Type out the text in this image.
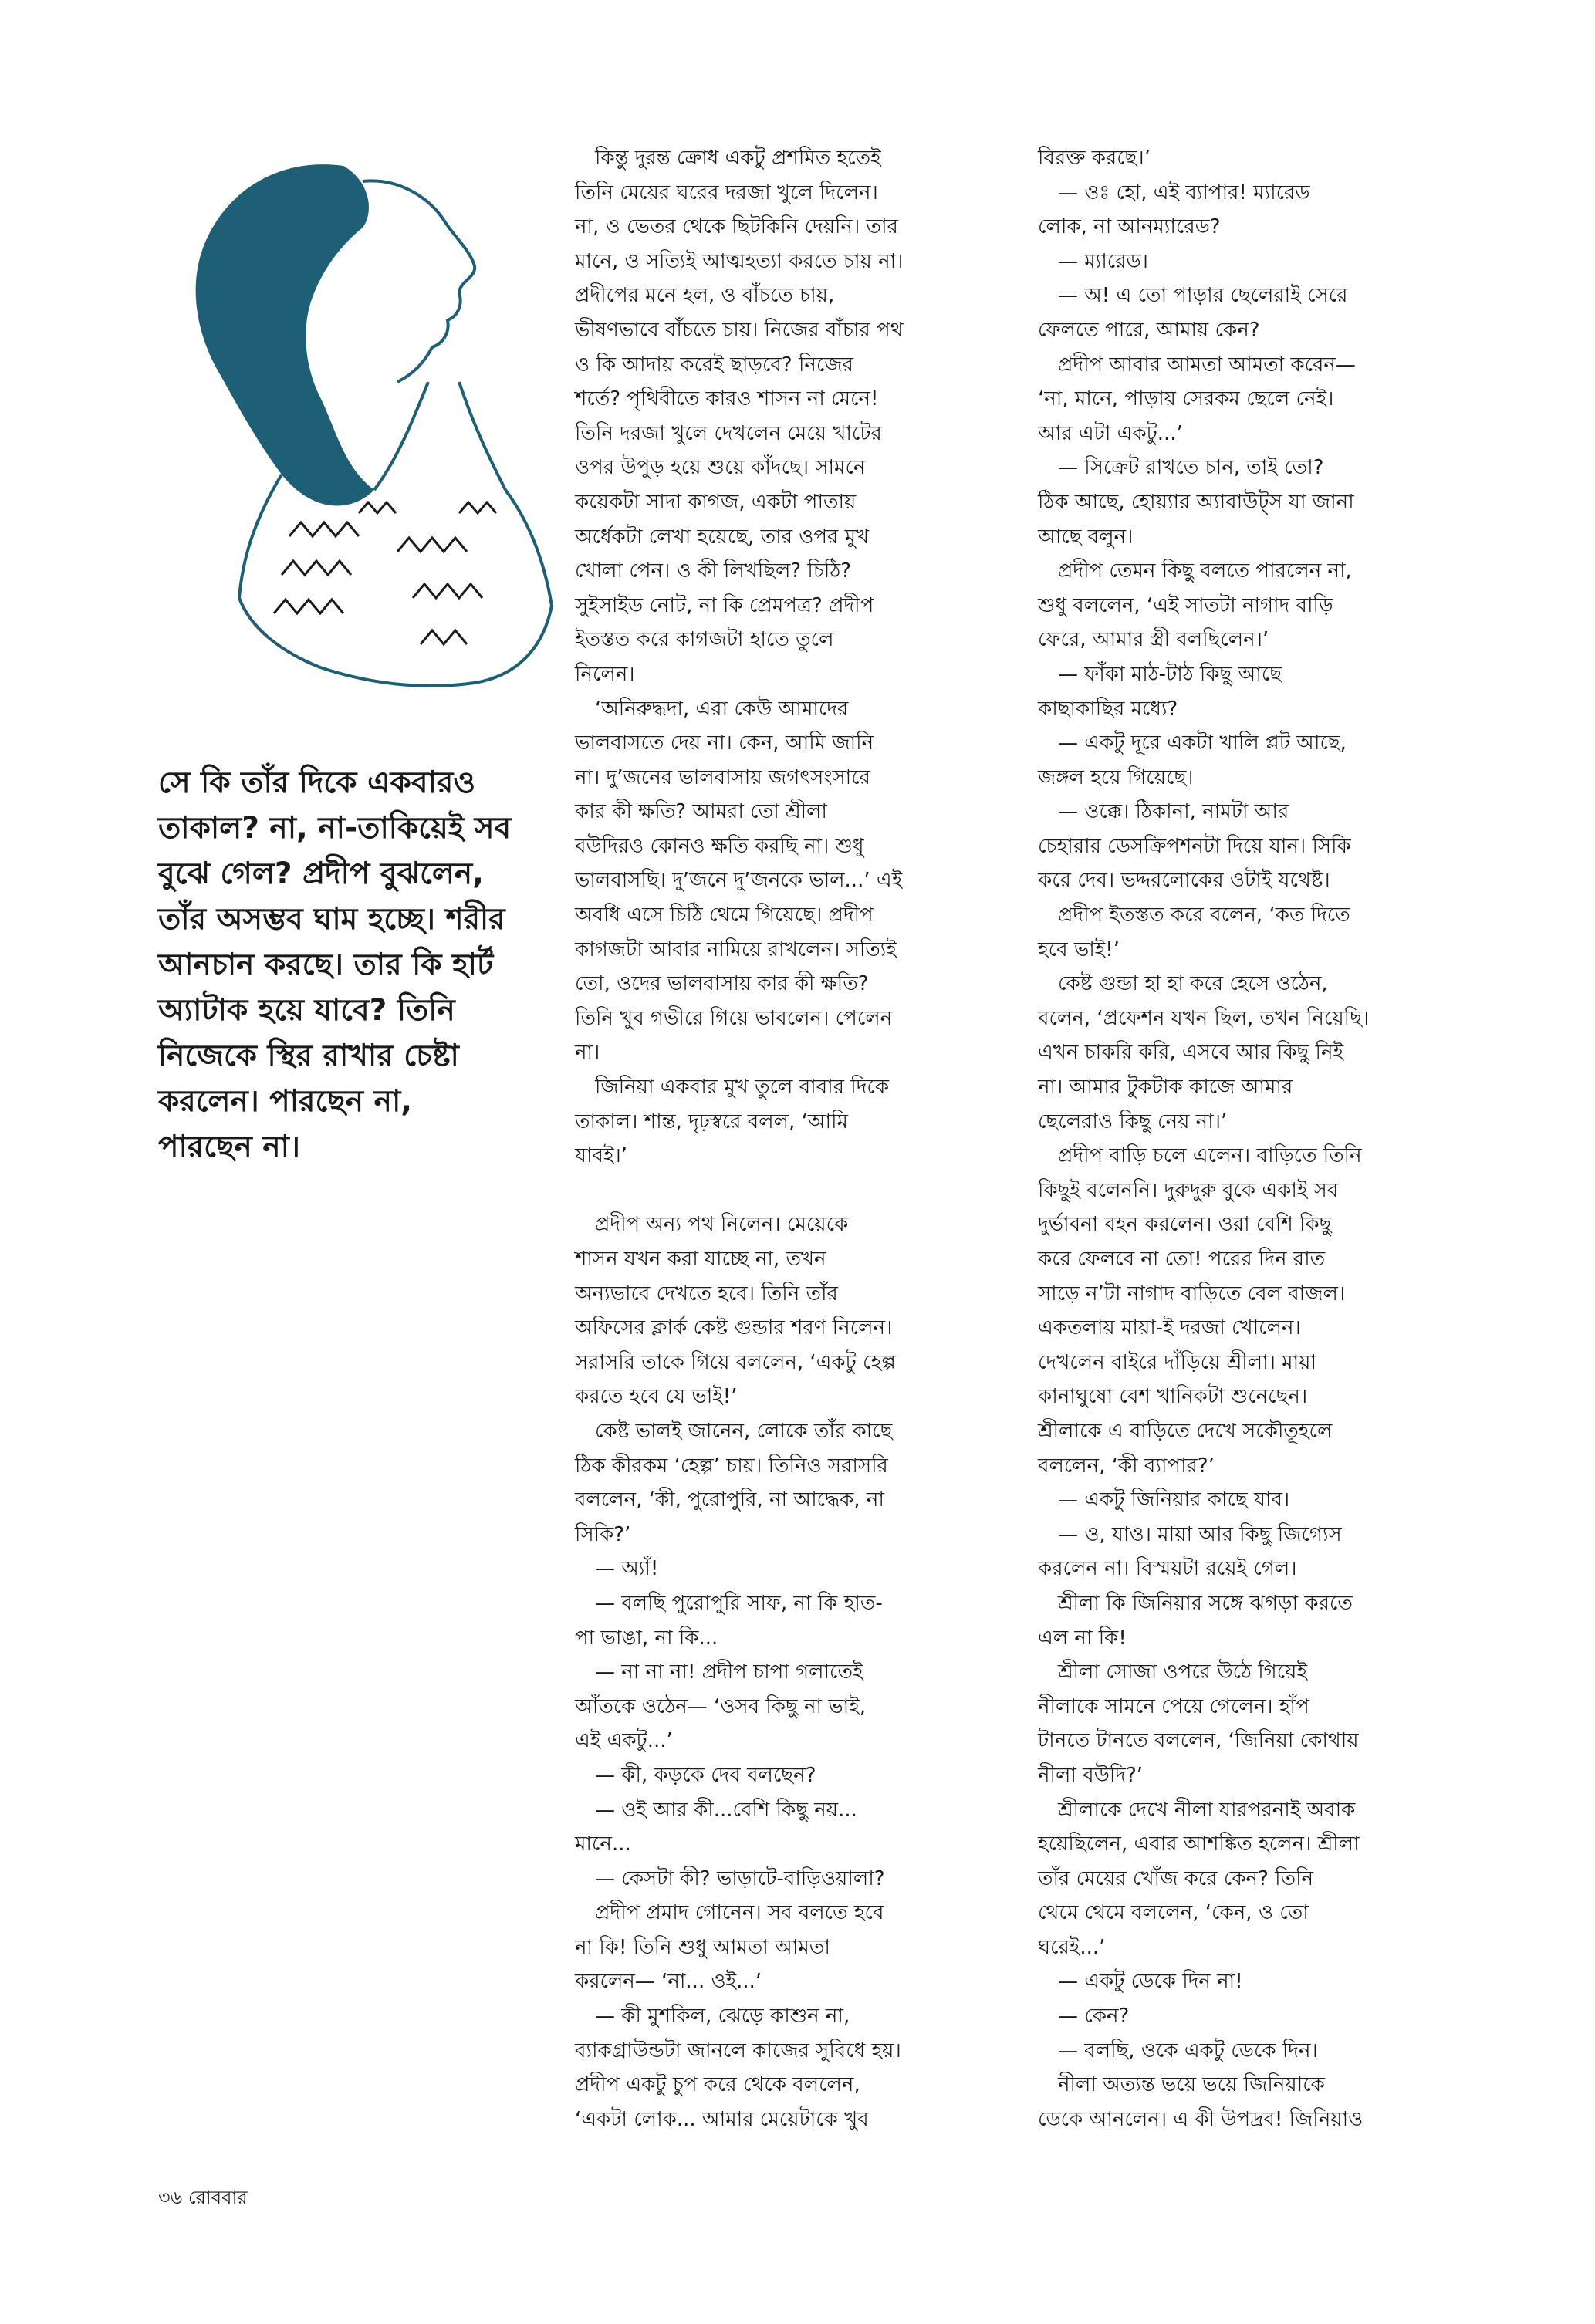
সে কি তাঁর দিকে একবারও
তাকাল? না, না-তাকিয়েই সব
বুঝে গেল? প্রদীপ বুঝলেন,
তাঁর অসম্ভব ঘাম হচ্ছে। শরীর
আনচান করছে। তার কি হার্ট
অ্যাটাক হয়ে যাবে? তিনি
নিজেকে স্থির রাখার চেষ্টা
করলেন। পারছেন না,
পারছেন না।
 কিন্তু দুরন্ত ক্রোধ একটু প্রশমিত হতেই
তিনি মেয়ের ঘরের দরজা খুলে দিলেন।
না, ও ভেতর থেকে ছিটকিনি দেয়নি। তার
মানে, ও সত্যিই আত্মহত্যা করতে চায় না।
প্রদীপের মনে হল, ও বাঁচতে চায়,
ভীষণভাবে বাঁচতে চায়। নিজের বাঁচার পথ
ও কি আদায় করেই ছাড়বে? নিজের
শর্তে? পৃথিবীতে কারও শাসন না মেনে!
তিনি দরজা খুলে দেখলেন মেয়ে খাটের
ওপর উপুড় হয়ে শুয়ে কাঁদছে। সামনে
কয়েকটা সাদা কাগজ, একটা পাতায়
অর্ধেকটা লেখা হয়েছে, তার ওপর মুখ
খোলা পেন। ও কী লিখছিল? চিঠি?
সুইসাইড নোট, না কি প্রেমপত্র? প্রদীপ
ইতস্তত করে কাগজটা হাতে তুলে
নিলেন।
 ‘অনিরুদ্ধদা, এরা কেউ আমাদের
ভালবাসতে দেয় না। কেন, আমি জানি
না। দু’জনের ভালবাসায় জগৎসংসারে
কার কী ক্ষতি? আমরা তো শ্রীলা
বউদিরও কোনও ক্ষতি করছি না। শুধু
ভালবাসছি। দু’জনে দু’জনকে ভাল...’ এই
অবধি এসে চিঠি থেমে গিয়েছে। প্রদীপ
কাগজটা আবার নামিয়ে রাখলেন। সত্যিই
তো, ওদের ভালবাসায় কার কী ক্ষতি?
তিনি খুব গভীরে গিয়ে ভাবলেন। পেলেন
না।
 জিনিয়া একবার মুখ তুলে বাবার দিকে
তাকাল। শান্ত, দৃঢ়স্বরে বলল, ‘আমি
যাবই।’
 প্রদীপ অন্য পথ নিলেন। মেয়েকে
শাসন যখন করা যাচ্ছে না, তখন
অন্যভাবে দেখতে হবে। তিনি তাঁর
অফিসের ক্লার্ক কেষ্ট গুন্ডার শরণ নিলেন।
সরাসরি তাকে গিয়ে বললেন, ‘একটু হেল্প
করতে হবে যে ভাই!’
 কেষ্ট ভালই জানেন, লোকে তাঁর কাছে
ঠিক কীরকম ‘হেল্প’ চায়। তিনিও সরাসরি
বললেন, ‘কী, পুরোপুরি, না আদ্ধেক, না
সিকি?’
 — অ্যাঁ!
 — বলছি পুরোপুরি সাফ, না কি হাত-
পা ভাঙা, না কি...
 — না না না! প্রদীপ চাপা গলাতেই
আঁতকে ওঠেন— ‘ওসব কিছু না ভাই,
এই একটু...’
 — কী, কড়কে দেব বলছেন?
 — ওই আর কী...বেশি কিছু নয়...
মানে...
 — কেসটা কী? ভাড়াটে-বাড়িওয়ালা?
 প্রদীপ প্রমাদ গোনেন। সব বলতে হবে
না কি! তিনি শুধু আমতা আমতা
করলেন— ‘না... ওই...’
 — কী মুশকিল, ঝেড়ে কাশুন না,
ব্যাকগ্রাউন্ডটা জানলে কাজের সুবিধে হয়।
প্রদীপ একটু চুপ করে থেকে বললেন,
‘একটা লোক... আমার মেয়েটাকে খুব
বিরক্ত করছে।’
 — ওঃ হো, এই ব্যাপার! ম্যারেড
লোক, না আনম্যারেড?
 — ম্যারেড।
 — অ! এ তো পাড়ার ছেলেরাই সেরে
ফেলতে পারে, আমায় কেন?
 প্রদীপ আবার আমতা আমতা করেন—
‘না, মানে, পাড়ায় সেরকম ছেলে নেই।
আর এটা একটু...’
 — সিক্রেট রাখতে চান, তাই তো?
ঠিক আছে, হোয়্যার অ্যাবাউট্স যা জানা
আছে বলুন।
 প্রদীপ তেমন কিছু বলতে পারলেন না,
শুধু বললেন, ‘এই সাতটা নাগাদ বাড়ি
ফেরে, আমার স্ত্রী বলছিলেন।’
 — ফাঁকা মাঠ-টাঠ কিছু আছে
কাছাকাছির মধ্যে?
 — একটু দূরে একটা খালি প্লট আছে,
জঙ্গল হয়ে গিয়েছে।
 — ওক্কে। ঠিকানা, নামটা আর
চেহারার ডেসক্রিপশনটা দিয়ে যান। সিকি
করে দেব। ভদ্দরলোকের ওটাই যথেষ্ট।
 প্রদীপ ইতস্তত করে বলেন, ‘কত দিতে
হবে ভাই!’
 কেষ্ট গুন্ডা হা হা করে হেসে ওঠেন,
বলেন, ‘প্রফেশন যখন ছিল, তখন নিয়েছি।
এখন চাকরি করি, এসবে আর কিছু নিই
না। আমার টুকটাক কাজে আমার
ছেলেরাও কিছু নেয় না।’
 প্রদীপ বাড়ি চলে এলেন। বাড়িতে তিনি
কিছুই বলেননি। দুরুদুরু বুকে একাই সব
দুর্ভাবনা বহন করলেন। ওরা বেশি কিছু
করে ফেলবে না তো! পরের দিন রাত
সাড়ে ন’টা নাগাদ বাড়িতে বেল বাজল।
একতলায় মায়া-ই দরজা খোলেন।
দেখলেন বাইরে দাঁড়িয়ে শ্রীলা। মায়া
কানাঘুষো বেশ খানিকটা শুনেছেন।
শ্রীলাকে এ বাড়িতে দেখে সকৌতূহলে
বললেন, ‘কী ব্যাপার?’
 — একটু জিনিয়ার কাছে যাব।
 — ও, যাও। মায়া আর কিছু জিগ্যেস
করলেন না। বিস্ময়টা রয়েই গেল।
 শ্রীলা কি জিনিয়ার সঙ্গে ঝগড়া করতে
এল না কি!
 শ্রীলা সোজা ওপরে উঠে গিয়েই
নীলাকে সামনে পেয়ে গেলেন। হাঁপ
টানতে টানতে বললেন, ‘জিনিয়া কোথায়
নীলা বউদি?’
 শ্রীলাকে দেখে নীলা যারপরনাই অবাক
হয়েছিলেন, এবার আশঙ্কিত হলেন। শ্রীলা
তাঁর মেয়ের খোঁজ করে কেন? তিনি
থেমে থেমে বললেন, ‘কেন, ও তো
ঘরেই...’
 — একটু ডেকে দিন না!
 — কেন?
 — বলছি, ওকে একটু ডেকে দিন।
 নীলা অত্যন্ত ভয়ে ভয়ে জিনিয়াকে
ডেকে আনলেন। এ কী উপদ্রব! জিনিয়াও
৩৬ রোববার
